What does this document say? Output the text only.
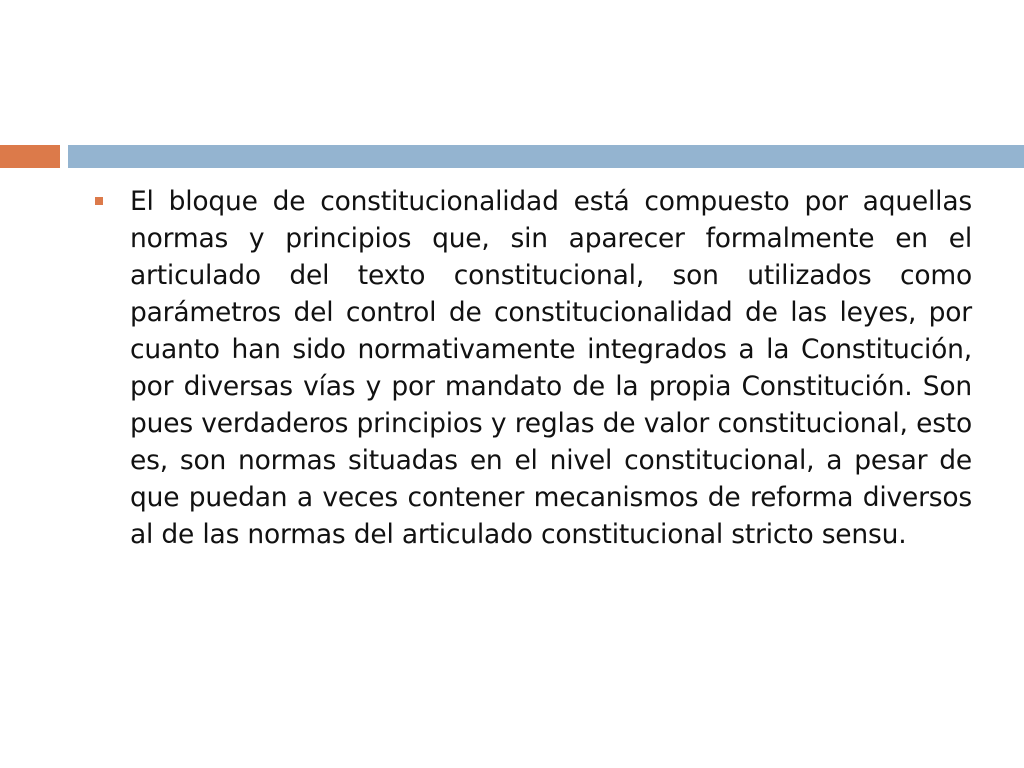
El bloque de constitucionalidad está compuesto por aquellas normas y principios que, sin aparecer formalmente en el articulado del texto constitucional, son utilizados como parámetros del control de constitucionalidad de las leyes, por cuanto han sido normativamente integrados a la Constitución, por diversas vías y por mandato de la propia Constitución. Son pues verdaderos principios y reglas de valor constitucional, esto es, son normas situadas en el nivel constitucional, a pesar de que puedan a veces contener mecanismos de reforma diversos al de las normas del articulado constitucional stricto sensu.
